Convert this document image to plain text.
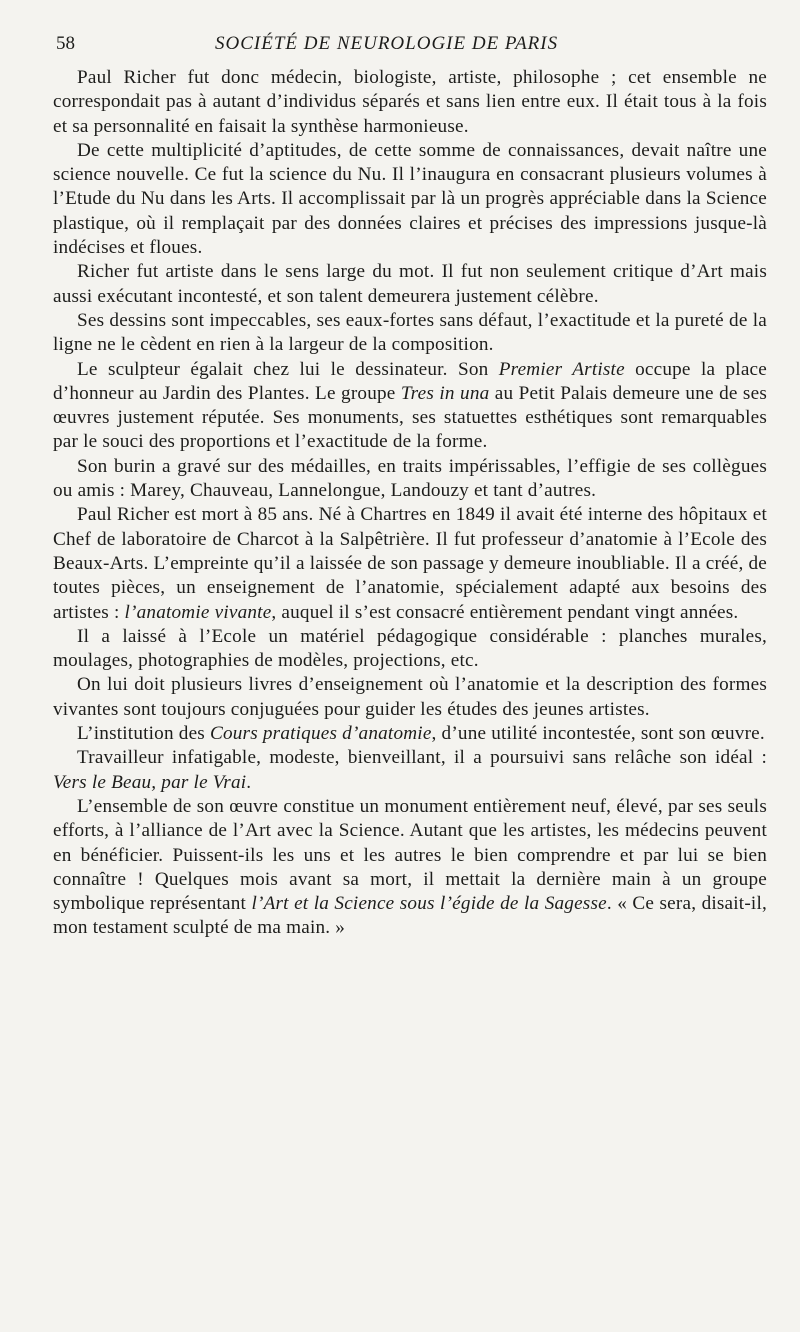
58	SOCIÉTÉ DE NEUROLOGIE DE PARIS

Paul Richer fut donc médecin, biologiste, artiste, philosophe ; cet ensemble ne correspondait pas à autant d’individus séparés et sans lien entre eux. Il était tous à la fois et sa personnalité en faisait la synthèse harmonieuse.

De cette multiplicité d’aptitudes, de cette somme de connaissances, devait naître une science nouvelle. Ce fut la science du Nu. Il l’inaugura en consacrant plusieurs volumes à l’Etude du Nu dans les Arts. Il accomplissait par là un progrès appréciable dans la Science plastique, où il remplaçait par des données claires et précises des impressions jusque-là indécises et floues.

Richer fut artiste dans le sens large du mot. Il fut non seulement critique d’Art mais aussi exécutant incontesté, et son talent demeurera justement célèbre.

Ses dessins sont impeccables, ses eaux-fortes sans défaut, l’exactitude et la pureté de la ligne ne le cèdent en rien à la largeur de la composition.

Le sculpteur égalait chez lui le dessinateur. Son Premier Artiste occupe la place d’honneur au Jardin des Plantes. Le groupe Tres in una au Petit Palais demeure une de ses œuvres justement réputée. Ses monuments, ses statuettes esthétiques sont remarquables par le souci des proportions et l’exactitude de la forme.

Son burin a gravé sur des médailles, en traits impérissables, l’effigie de ses collègues ou amis : Marey, Chauveau, Lannelongue, Landouzy et tant d’autres.

Paul Richer est mort à 85 ans. Né à Chartres en 1849 il avait été interne des hôpitaux et Chef de laboratoire de Charcot à la Salpêtrière. Il fut professeur d’anatomie à l’Ecole des Beaux-Arts. L’empreinte qu’il a laissée de son passage y demeure inoubliable. Il a créé, de toutes pièces, un enseignement de l’anatomie, spécialement adapté aux besoins des artistes : l’anatomie vivante, auquel il s’est consacré entièrement pendant vingt années.

Il a laissé à l’Ecole un matériel pédagogique considérable : planches murales, moulages, photographies de modèles, projections, etc.

On lui doit plusieurs livres d’enseignement où l’anatomie et la description des formes vivantes sont toujours conjuguées pour guider les études des jeunes artistes.

L’institution des Cours pratiques d’anatomie, d’une utilité incontestée, sont son œuvre.

Travailleur infatigable, modeste, bienveillant, il a poursuivi sans relâche son idéal : Vers le Beau, par le Vrai.

L’ensemble de son œuvre constitue un monument entièrement neuf, élevé, par ses seuls efforts, à l’alliance de l’Art avec la Science. Autant que les artistes, les médecins peuvent en bénéficier. Puissent-ils les uns et les autres le bien comprendre et par lui se bien connaître ! Quelques mois avant sa mort, il mettait la dernière main à un groupe symbolique représentant l’Art et la Science sous l’égide de la Sagesse. « Ce sera, disait-il, mon testament sculpté de ma main. »
